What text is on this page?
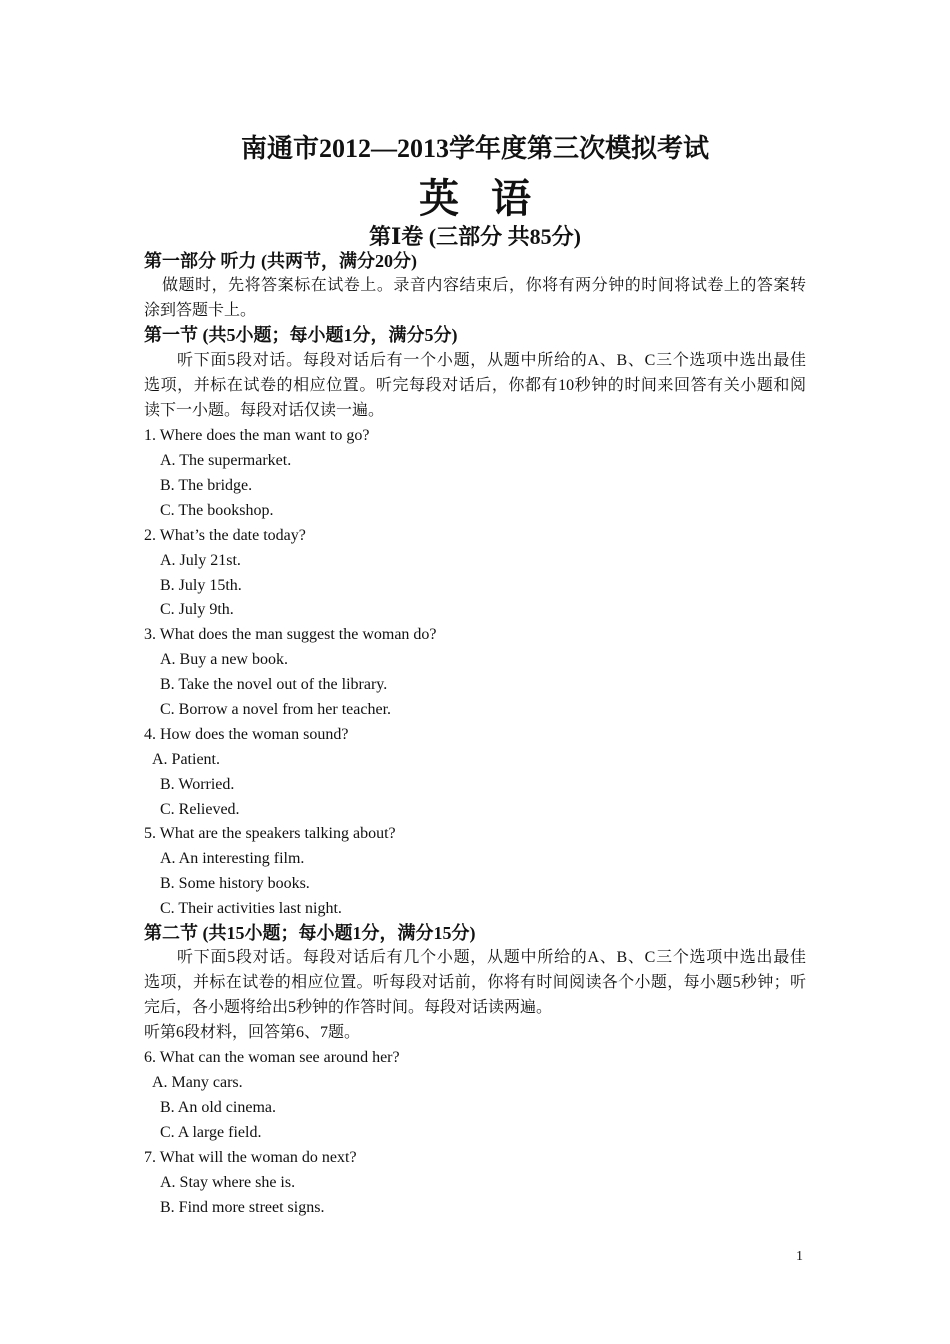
南通市2012—2013学年度第三次模拟考试
英语
第Ⅰ卷 (三部分 共85分)
第一部分 听力 (共两节，满分20分)
做题时，先将答案标在试卷上。录音内容结束后，你将有两分钟的时间将试卷上的答案转
涂到答题卡上。
第一节 (共5小题；每小题1分，满分5分)
听下面5段对话。每段对话后有一个小题，从题中所给的A、B、C三个选项中选出最佳
选项，并标在试卷的相应位置。听完每段对话后，你都有10秒钟的时间来回答有关小题和阅
读下一小题。每段对话仅读一遍。
1. Where does the man want to go?
A. The supermarket.
B. The bridge.
C. The bookshop.
2. What’s the date today?
A. July 21st.
B. July 15th.
C. July 9th.
3. What does the man suggest the woman do?
A. Buy a new book.
B. Take the novel out of the library.
C. Borrow a novel from her teacher.
4. How does the woman sound?
A. Patient.
B. Worried.
C. Relieved.
5. What are the speakers talking about?
A. An interesting film.
B. Some history books.
C. Their activities last night.
第二节 (共15小题；每小题1分，满分15分)
听下面5段对话。每段对话后有几个小题，从题中所给的A、B、C三个选项中选出最佳
选项，并标在试卷的相应位置。听每段对话前，你将有时间阅读各个小题，每小题5秒钟；听
完后，各小题将给出5秒钟的作答时间。每段对话读两遍。
听第6段材料，回答第6、7题。
6. What can the woman see around her?
A. Many cars.
B. An old cinema.
C. A large field.
7. What will the woman do next?
A. Stay where she is.
B. Find more street signs.
1
